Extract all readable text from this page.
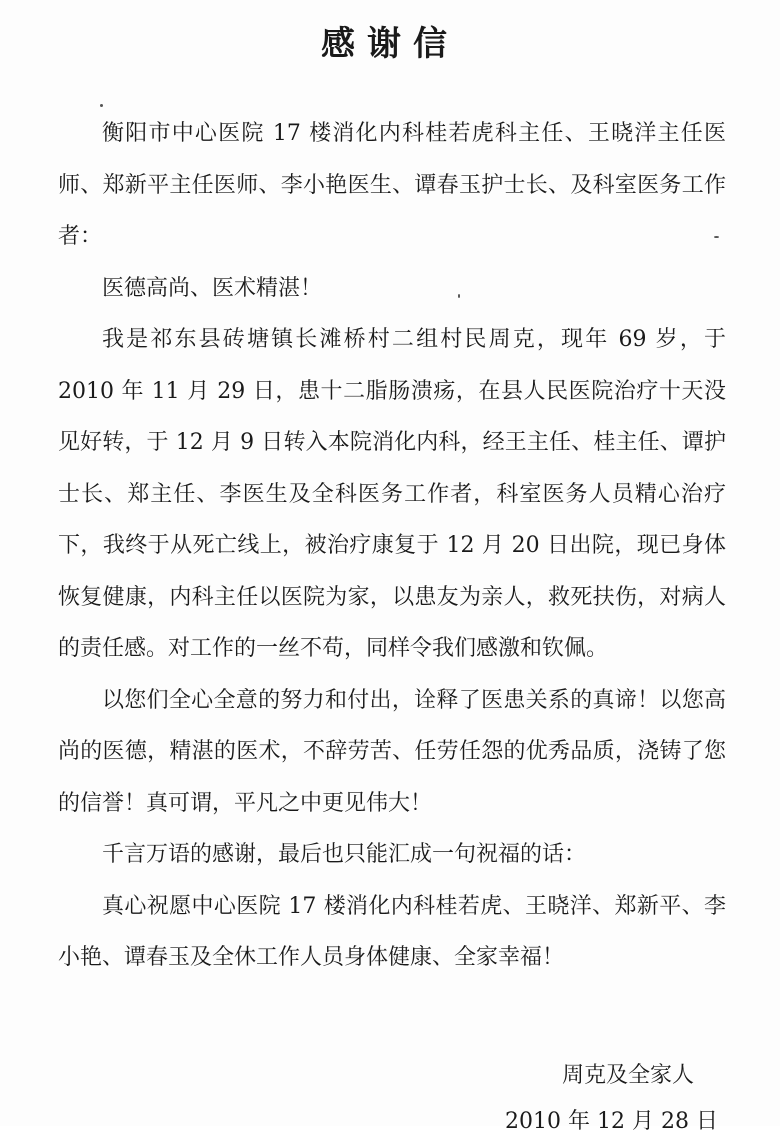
感谢信

衡阳市中心医院 17 楼消化内科桂若虎科主任、王晓洋主任医师、郑新平主任医师、李小艳医生、谭春玉护士长、及科室医务工作者：

医德高尚、医术精湛！

我是祁东县砖塘镇长滩桥村二组村民周克，现年 69 岁，于 2010 年 11 月 29 日，患十二脂肠溃疡，在县人民医院治疗十天没见好转，于 12 月 9 日转入本院消化内科，经王主任、桂主任、谭护士长、郑主任、李医生及全科医务工作者，科室医务人员精心治疗下，我终于从死亡线上，被治疗康复于 12 月 20 日出院，现已身体恢复健康，内科主任以医院为家，以患友为亲人，救死扶伤，对病人的责任感。对工作的一丝不苟，同样令我们感激和钦佩。

以您们全心全意的努力和付出，诠释了医患关系的真谛！以您高尚的医德，精湛的医术，不辞劳苦、任劳任怨的优秀品质，浇铸了您 的信誉！真可谓，平凡之中更见伟大！

千言万语的感谢，最后也只能汇成一句祝福的话：

真心祝愿中心医院 17 楼消化内科桂若虎、王晓洋、郑新平、李小艳、谭春玉及全休工作人员身体健康、全家幸福！

周克及全家人
2010 年 12 月 28 日
